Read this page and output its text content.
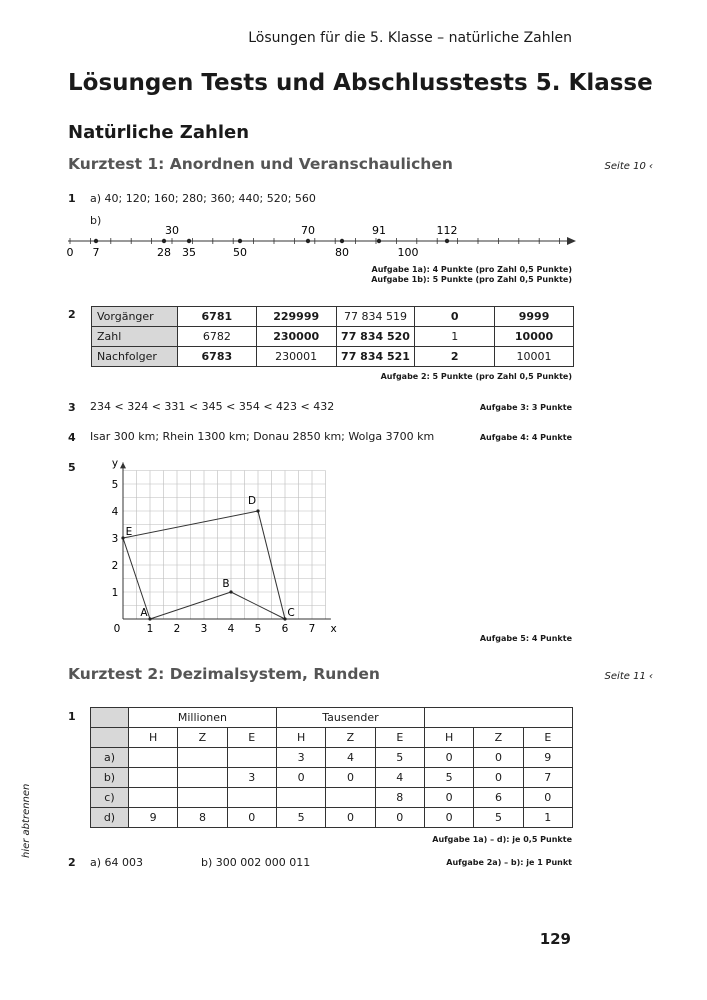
Lösungen für die 5. Klasse – natürliche Zahlen
Lösungen Tests und Abschlusstests 5. Klasse
Natürliche Zahlen
Kurztest 1: Anordnen und Veranschaulichen	Seite 10 ‹
1 a) 40; 120; 160; 280; 360; 440; 520; 560
b)
0 7	28 35	50	80	100
30	70	91	112
Aufgabe 1a): 4 Punkte (pro Zahl 0,5 Punkte)
Aufgabe 1b): 5 Punkte (pro Zahl 0,5 Punkte)
2 Vorgänger	6781	229999	77 834 519	0	9999
Zahl	6782	230000	77 834 520	1	10000
Nachfolger	6783	230001	77 834 521	2	10001
Aufgabe 2: 5 Punkte (pro Zahl 0,5 Punkte)
3 234 < 324 < 331 < 345 < 354 < 423 < 432	Aufgabe 3: 3 Punkte
4 Isar 300 km; Rhein 1300 km; Donau 2850 km; Wolga 3700 km	Aufgabe 4: 4 Punkte
5
1 2 3 4 5 6 7
1
2
3
4
5
0	x
y
A
B
C
D
E
Aufgabe 5: 4 Punkte
Kurztest 2: Dezimalsystem, Runden	Seite 11 ‹
1
		Millionen			Tausender					
	H	Z	E	H	Z	E	H	Z	E
a)				3	4	5	0	0	9
b)			3	0	0	4	5	0	7
c)						8	0	6	0
d)	9	8	0	5	0	0	0	5	1
Aufgabe 1a) – d): je 0,5 Punkte
2 a) 64 003	b) 300 002 000 011	Aufgabe 2a) – b): je 1 Punkt
hier abtrennen
129
